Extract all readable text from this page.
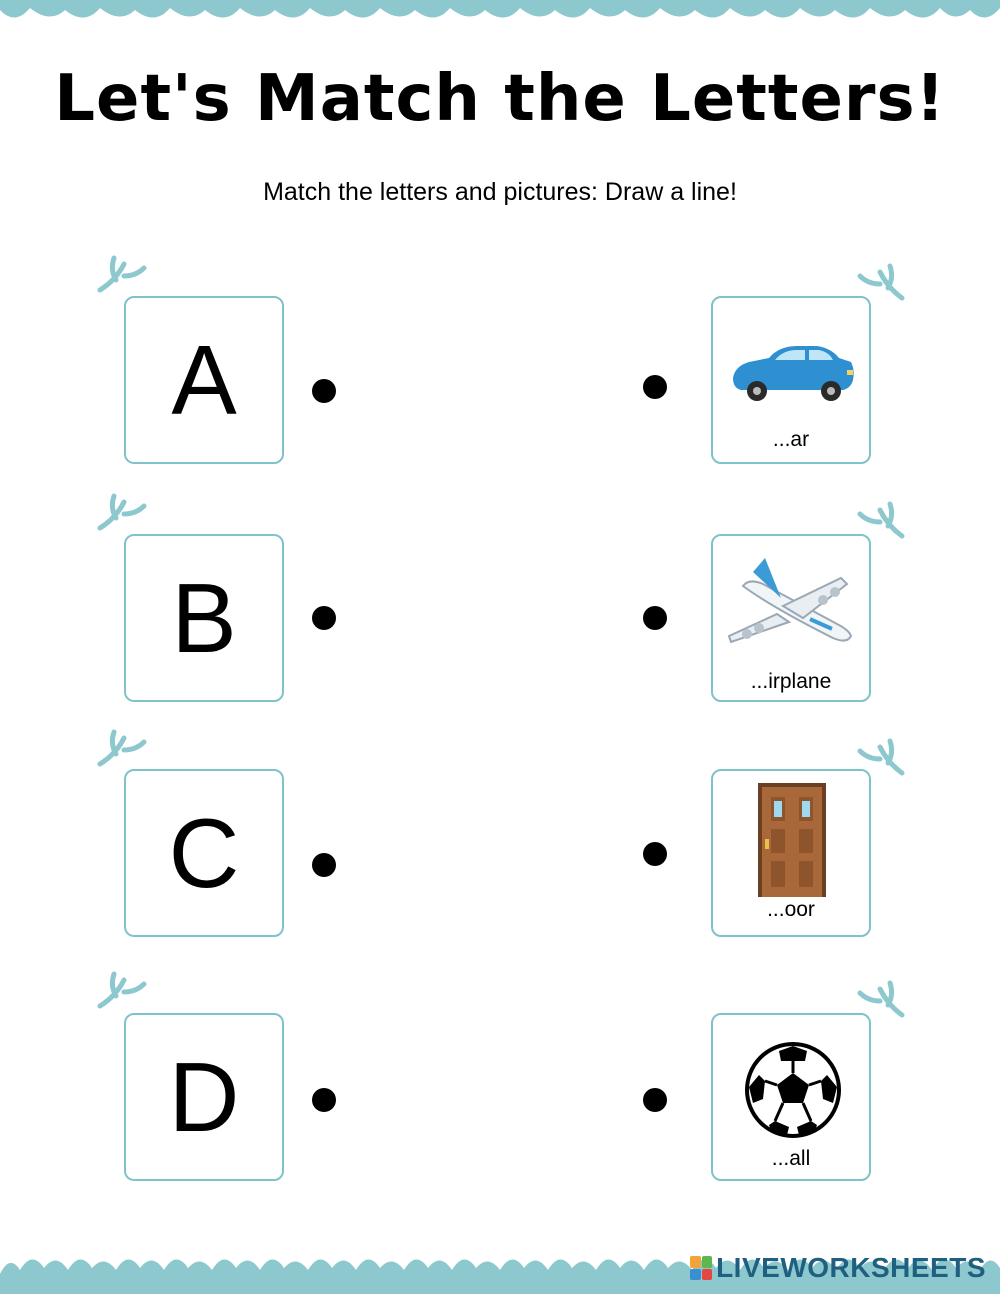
Let's Match the Letters!
Match the letters and pictures: Draw a line!
A
...ar
B
...irplane
C
...oor
D
...all
LIVEWORKSHEETS
